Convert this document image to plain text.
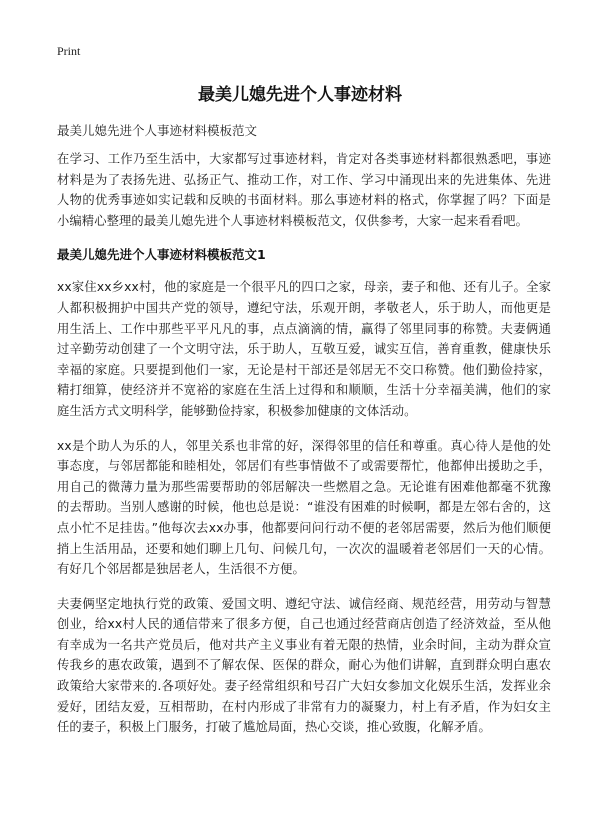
Print
最美儿媳先进个人事迹材料
最美儿媳先进个人事迹材料模板范文

在学习、工作乃至生活中，大家都写过事迹材料，肯定对各类事迹材料都很熟悉吧，事迹材料是为了表扬先进、弘扬正气、推动工作，对工作、学习中涌现出来的先进集体、先进人物的优秀事迹如实记载和反映的书面材料。那么事迹材料的格式，你掌握了吗？下面是小编精心整理的最美儿媳先进个人事迹材料模板范文，仅供参考，大家一起来看看吧。

最美儿媳先进个人事迹材料模板范文1

xx家住xx乡xx村，他的家庭是一个很平凡的四口之家，母亲，妻子和他、还有儿子。全家人都积极拥护中国共产党的领导，遵纪守法，乐观开朗，孝敬老人，乐于助人，而他更是用生活上、工作中那些平平凡凡的事，点点滴滴的情，赢得了邻里同事的称赞。夫妻俩通过辛勤劳动创建了一个文明守法，乐于助人，互敬互爱，诚实互信，善育重教，健康快乐幸福的家庭。只要提到他们一家，无论是村干部还是邻居无不交口称赞。他们勤俭持家，精打细算，使经济并不宽裕的家庭在生活上过得和和顺顺，生活十分幸福美满，他们的家庭生活方式文明科学，能够勤俭持家，积极参加健康的文体活动。

xx是个助人为乐的人，邻里关系也非常的好，深得邻里的信任和尊重。真心待人是他的处事态度，与邻居都能和睦相处，邻居们有些事情做不了或需要帮忙，他都伸出援助之手，用自己的微薄力量为那些需要帮助的邻居解决一些燃眉之急。无论谁有困难他都毫不犹豫的去帮助。当别人感谢的时候，他也总是说：“谁没有困难的时候啊，都是左邻右舍的，这点小忙不足挂齿。”他每次去xx办事，他都要问问行动不便的老邻居需要，然后为他们顺便捎上生活用品，还要和她们聊上几句、问候几句，一次次的温暖着老邻居们一天的心情。有好几个邻居都是独居老人，生活很不方便。

夫妻俩坚定地执行党的政策、爱国文明、遵纪守法、诚信经商、规范经营，用劳动与智慧创业，给xx村人民的通信带来了很多方便，自己也通过经营商店创造了经济效益，至从他有幸成为一名共产党员后，他对共产主义事业有着无限的热情，业余时间，主动为群众宣传我乡的惠农政策，遇到不了解农保、医保的群众，耐心为他们讲解，直到群众明白惠农政策给大家带来的.各项好处。妻子经常组织和号召广大妇女参加文化娱乐生活，发挥业余爱好，团结友爱，互相帮助，在村内形成了非常有力的凝聚力，村上有矛盾，作为妇女主任的妻子，积极上门服务，打破了尴尬局面，热心交谈，推心致腹，化解矛盾。
